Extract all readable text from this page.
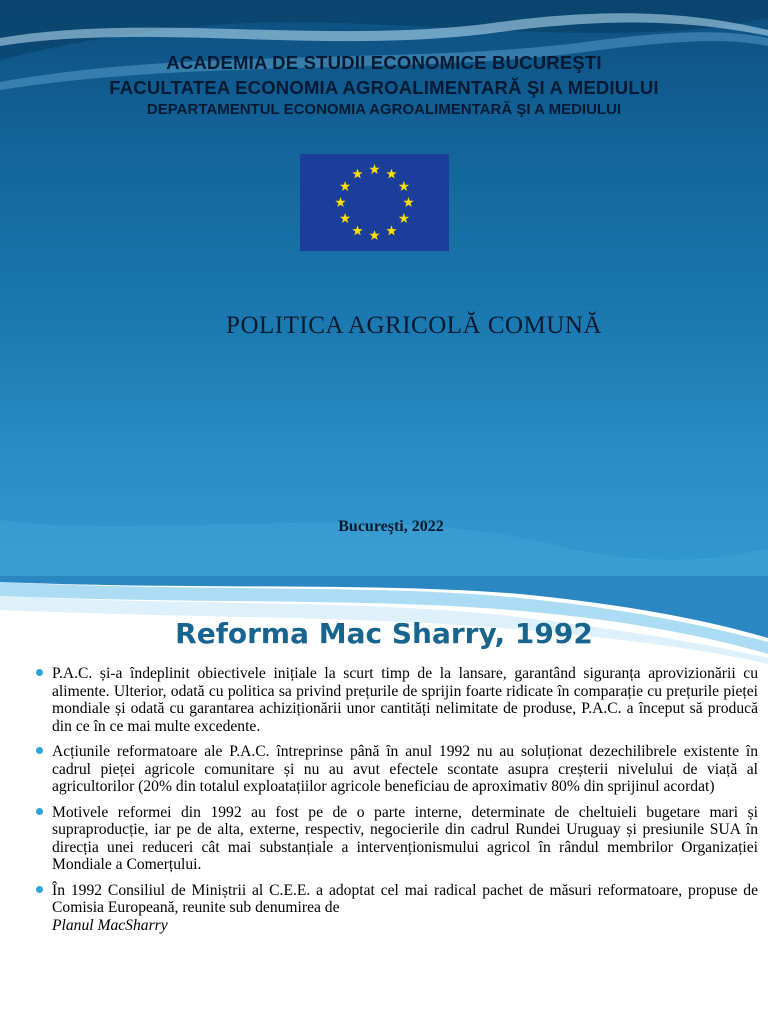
ACADEMIA DE STUDII ECONOMICE BUCUREŞTI
FACULTATEA ECONOMIA AGROALIMENTARĂ ŞI A MEDIULUI
DEPARTAMENTUL ECONOMIA AGROALIMENTARĂ ŞI A MEDIULUI
POLITICA AGRICOLĂ COMUNĂ
Bucureşti, 2022
Reforma Mac Sharry, 1992
P.A.C. și-a îndeplinit obiectivele inițiale la scurt timp de la lansare, garantând siguranța aprovizionării cu alimente. Ulterior, odată cu politica sa privind prețurile de sprijin foarte ridicate în comparație cu prețurile pieței mondiale și odată cu garantarea achiziționării unor cantități nelimitate de produse, P.A.C. a început să producă din ce în ce mai multe excedente.
Acțiunile reformatoare ale P.A.C. întreprinse până în anul 1992 nu au soluționat dezechilibrele existente în cadrul pieței agricole comunitare și nu au avut efectele scontate asupra creșterii nivelului de viață al agricultorilor (20% din totalul exploatațiilor agricole beneficiau de aproximativ 80% din sprijinul acordat)
Motivele reformei din 1992 au fost pe de o parte interne, determinate de cheltuieli bugetare mari și supraproducție, iar pe de alta, externe, respectiv, negocierile din cadrul Rundei Uruguay și presiunile SUA în direcția unei reduceri cât mai substanțiale a intervenționismului agricol în rândul membrilor Organizației Mondiale a Comerțului.
În 1992 Consiliul de Miniștrii al C.E.E. a adoptat cel mai radical pachet de măsuri reformatoare, propuse de Comisia Europeană, reunite sub denumirea de
Planul MacSharry
